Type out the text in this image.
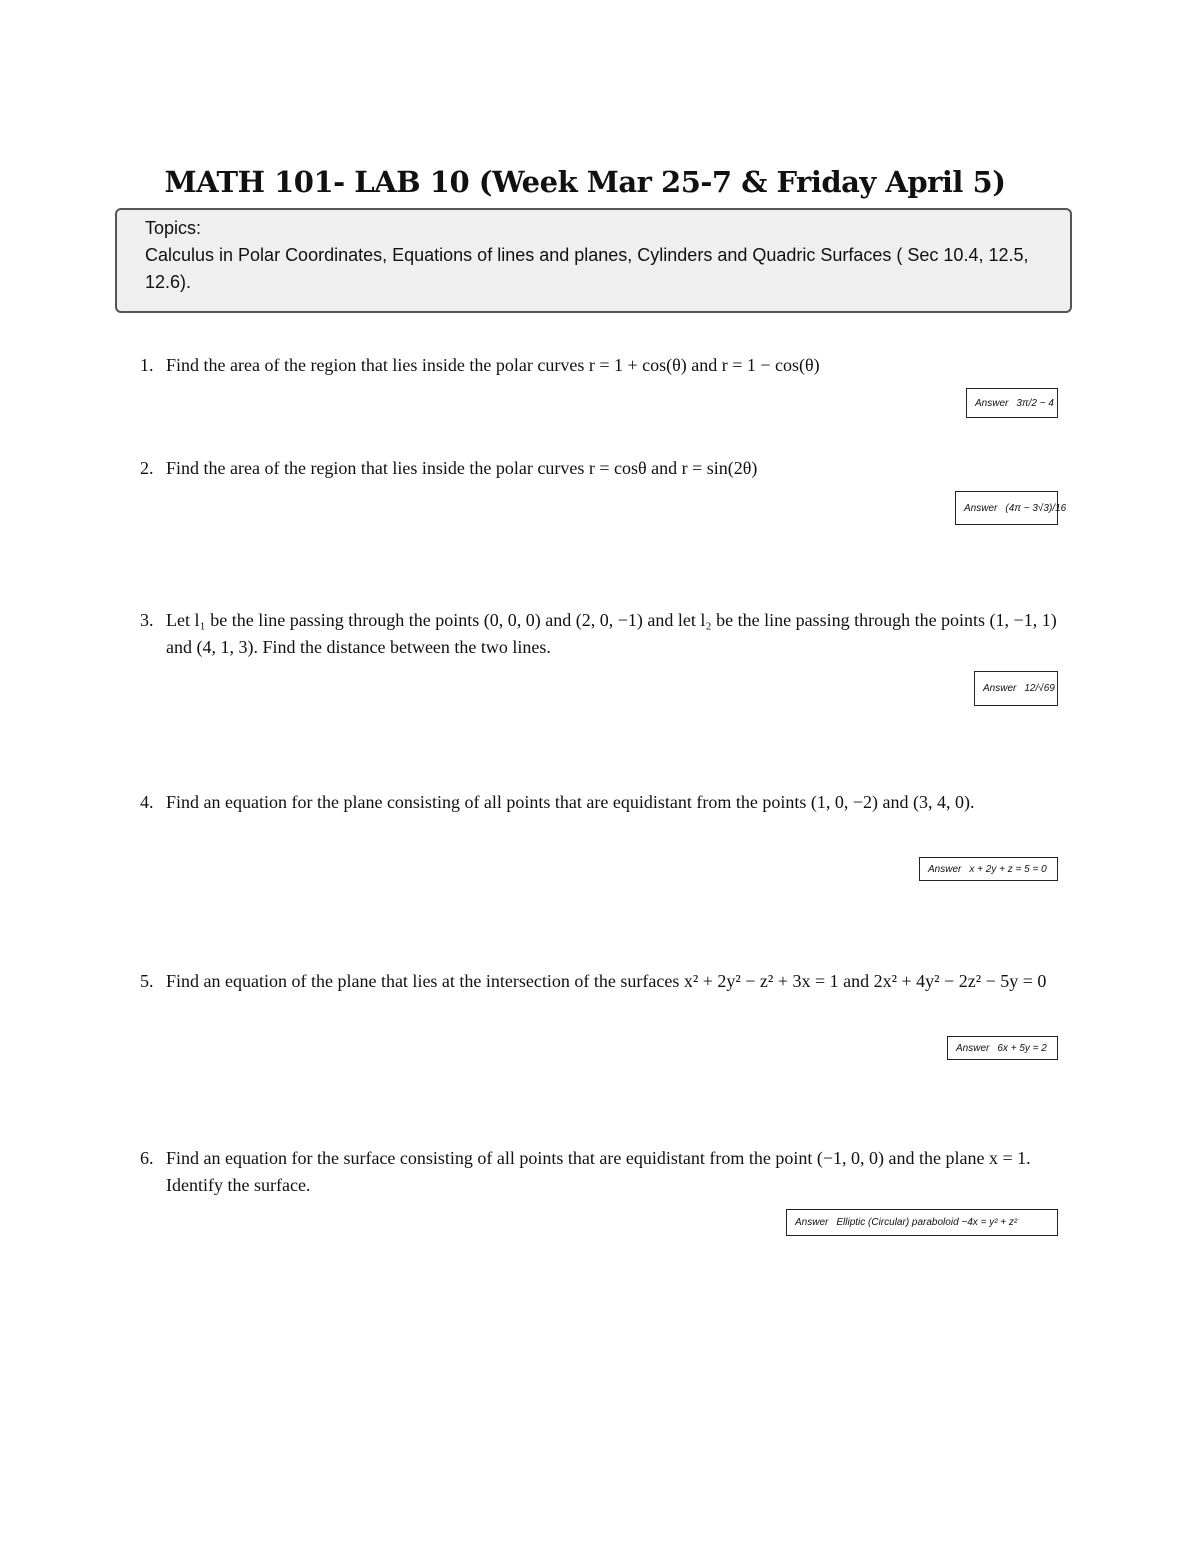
MATH 101- LAB 10 (Week Mar 25-7 & Friday April 5)
Topics:
Calculus in Polar Coordinates, Equations of lines and planes, Cylinders and Quadric Surfaces ( Sec 10.4, 12.5, 12.6).
1. Find the area of the region that lies inside the polar curves r = 1 + cos(θ) and r = 1 − cos(θ)
Answer 3π/2 − 4
2. Find the area of the region that lies inside the polar curves r = cosθ and r = sin(2θ)
Answer (4π − 3√3)/16
3. Let l₁ be the line passing through the points (0, 0, 0) and (2, 0, −1) and let l₂ be the line passing through the points (1, −1, 1) and (4, 1, 3). Find the distance between the two lines.
Answer 12/√69
4. Find an equation for the plane consisting of all points that are equidistant from the points (1, 0, −2) and (3, 4, 0).
Answer x + 2y + z = 5 = 0
5. Find an equation of the plane that lies at the intersection of the surfaces x² + 2y² − z² + 3x = 1 and 2x² + 4y² − 2z² − 5y = 0
Answer 6x + 5y = 2
6. Find an equation for the surface consisting of all points that are equidistant from the point (−1, 0, 0) and the plane x = 1. Identify the surface.
Answer Elliptic (Circular) paraboloid −4x = y² + z²
